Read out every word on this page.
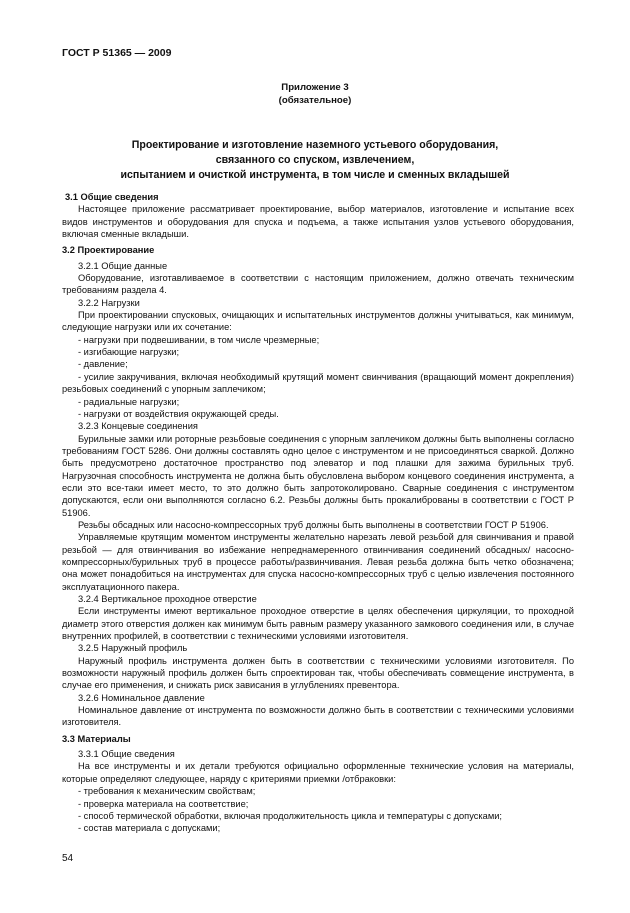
ГОСТ Р 51365 — 2009
Приложение 3
(обязательное)
Проектирование и изготовление наземного устьевого оборудования,
связанного со спуском, извлечением,
испытанием и очисткой инструмента, в том числе и сменных вкладышей

3.1 Общие сведения

Настоящее приложение рассматривает проектирование, выбор материалов, изготовление и испытание всех видов инструментов и оборудования для спуска и подъема, а также испытания узлов устьевого оборудования, включая сменные вкладыши.

3.2 Проектирование

3.2.1 Общие данные

Оборудование, изготавливаемое в соответствии с настоящим приложением, должно отвечать техническим требованиям раздела 4.

3.2.2 Нагрузки

При проектировании спусковых, очищающих и испытательных инструментов должны учитываться, как минимум, следующие нагрузки или их сочетание:

- нагрузки при подвешивании, в том числе чрезмерные;

- изгибающие нагрузки;

- давление;

- усилие закручивания, включая необходимый крутящий момент свинчивания (вращающий момент докрепления) резьбовых соединений с упорным заплечиком;

- радиальные нагрузки;

- нагрузки от воздействия окружающей среды.

3.2.3 Концевые соединения

Бурильные замки или роторные резьбовые соединения с упорным заплечиком должны быть выполнены согласно требованиям ГОСТ 5286. Они должны составлять одно целое с инструментом и не присоединяться сваркой. Должно быть предусмотрено достаточное пространство под элеватор и под плашки для зажима бурильных труб. Нагрузочная способность инструмента не должна быть обусловлена выбором концевого соединения инструмента, а если это все-таки имеет место, то это должно быть запротоколировано. Сварные соединения с инструментом допускаются, если они выполняются согласно 6.2. Резьбы должны быть прокалиброваны в соответствии с ГОСТ Р 51906.

Резьбы обсадных или насосно-компрессорных труб должны быть выполнены в соответствии ГОСТ Р 51906.

Управляемые крутящим моментом инструменты желательно нарезать левой резьбой для свинчивания и правой резьбой — для отвинчивания во избежание непреднамеренного отвинчивания соединений обсадных/ насосно-компрессорных/бурильных труб в процессе работы/развинчивания. Левая резьба должна быть четко обозначена; она может понадобиться на инструментах для спуска насосно-компрессорных труб с целью извлечения постоянного эксплуатационного пакера.

3.2.4 Вертикальное проходное отверстие

Если инструменты имеют вертикальное проходное отверстие в целях обеспечения циркуляции, то проходной диаметр этого отверстия должен как минимум быть равным размеру указанного замкового соединения или, в случае внутренних профилей, в соответствии с техническими условиями изготовителя.

3.2.5 Наружный профиль

Наружный профиль инструмента должен быть в соответствии с техническими условиями изготовителя. По возможности наружный профиль должен быть спроектирован так, чтобы обеспечивать совмещение инструмента, в случае его применения, и снижать риск зависания в углублениях превентора.

3.2.6 Номинальное давление

Номинальное давление от инструмента по возможности должно быть в соответствии с техническими условиями изготовителя.

3.3 Материалы

3.3.1 Общие сведения

На все инструменты и их детали требуются официально оформленные технические условия на материалы, которые определяют следующее, наряду с критериями приемки /отбраковки:

- требования к механическим свойствам;

- проверка материала на соответствие;

- способ термической обработки, включая продолжительность цикла и температуры с допусками;

- состав материала с допусками;

54
